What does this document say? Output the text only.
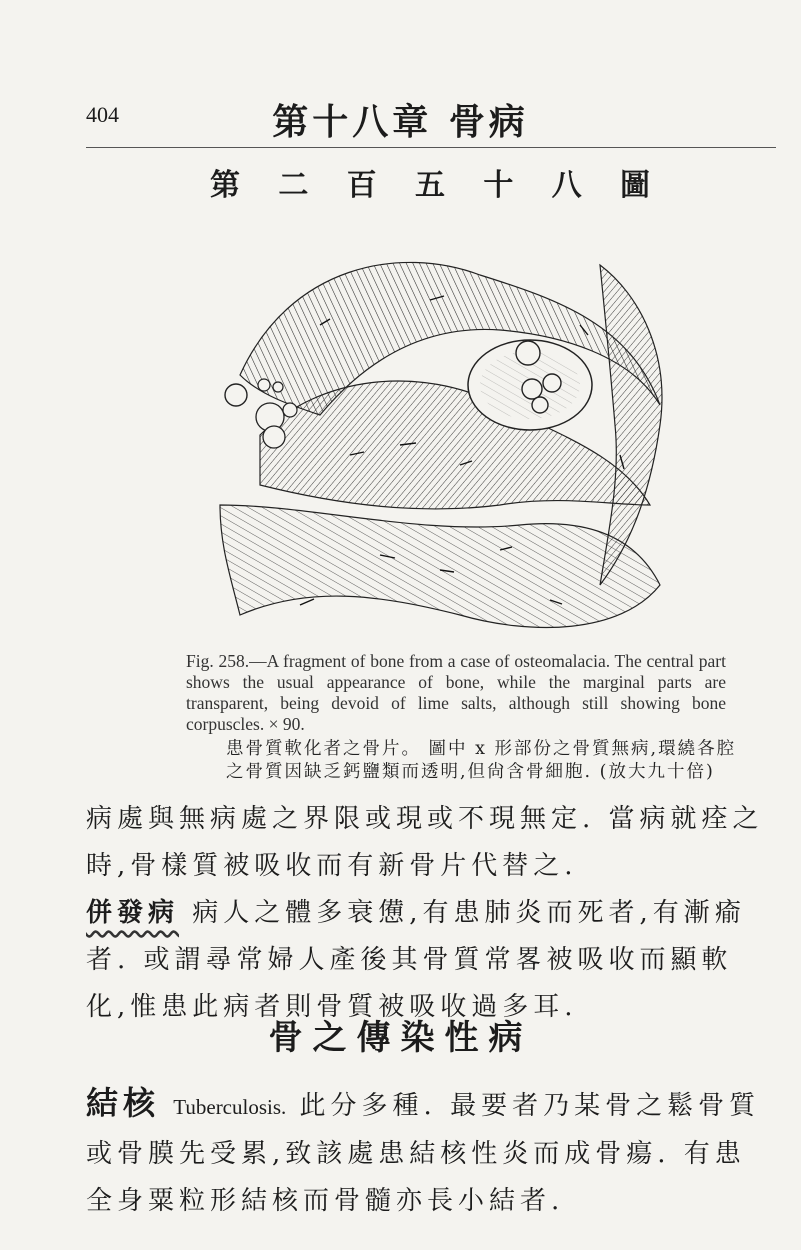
404	第十八章 骨病
第 二 百 五 十 八 圖
Fig. 258.—A fragment of bone from a case of osteomalacia. The central part shows the usual appearance of bone, while the marginal parts are transparent, being devoid of lime salts, although still showing bone corpuscles. × 90.
患骨質軟化者之骨片。 圖中 x 形部份之骨質無病,環繞各腔
之骨質因缺乏鈣鹽類而透明,但尙含骨細胞. (放大九十倍)
病處與無病處之界限或現或不現無定. 當病就痊之時,骨樣質被吸收而有新骨片代替之.
併發病 病人之體多衰憊,有患肺炎而死者,有漸瘉者. 或謂尋常婦人產後其骨質常畧被吸收而顯軟化,惟患此病者則骨質被吸收過多耳.
骨之傳染性病
結核 Tuberculosis. 此分多種. 最要者乃某骨之鬆骨質或骨膜先受累,致該處患結核性炎而成骨瘍. 有患全身粟粒形結核而骨髓亦長小結者.
